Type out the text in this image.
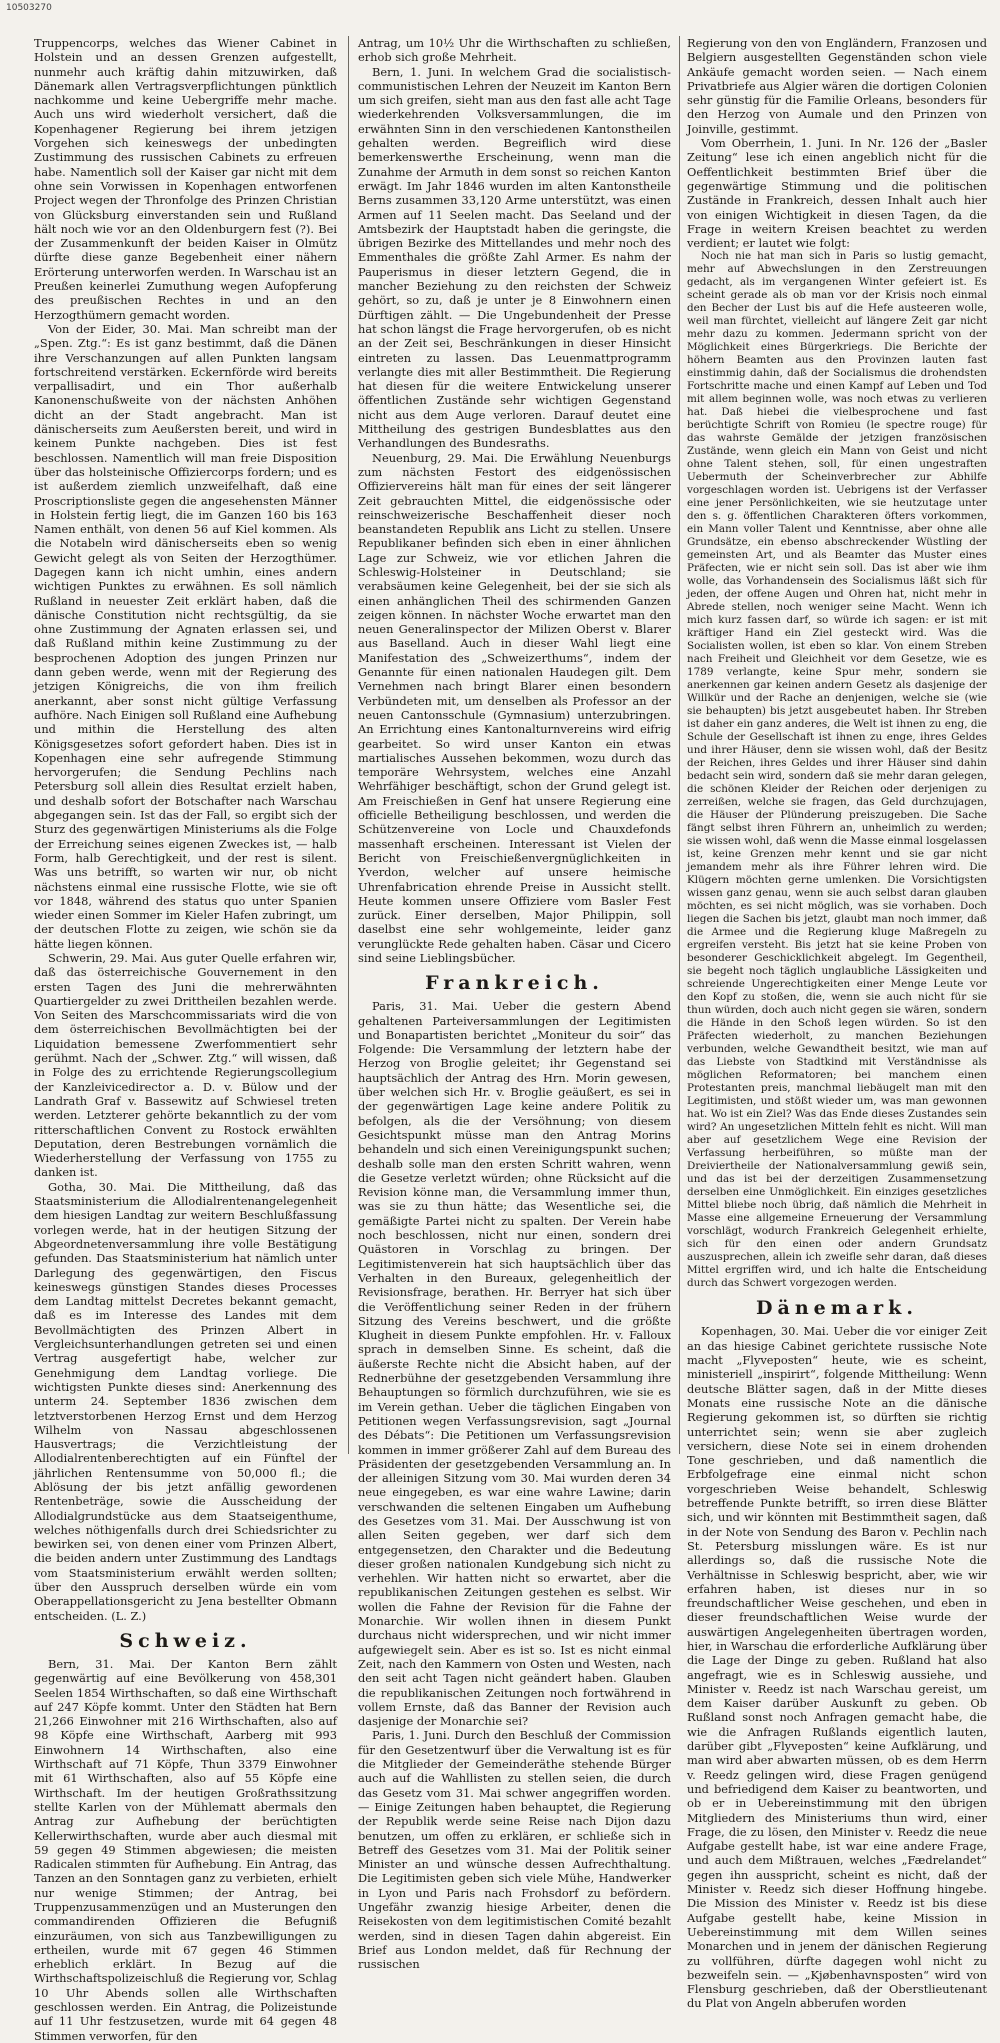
10503270

Truppencorps, welches das Wiener Cabinet in Holstein und an dessen Grenzen aufgestellt, nunmehr auch kräftig dahin mitzuwirken, daß Dänemark allen Vertragsverpflichtungen pünktlich nachkomme und keine Uebergriffe mehr mache. Auch uns wird wiederholt versichert, daß die Kopenhagener Regierung bei ihrem jetzigen Vorgehen sich keineswegs der unbedingten Zustimmung des russischen Cabinets zu erfreuen habe. Namentlich soll der Kaiser gar nicht mit dem ohne sein Vorwissen in Kopenhagen entworfenen Project wegen der Thronfolge des Prinzen Christian von Glücksburg einverstanden sein und Rußland hält noch wie vor an den Oldenburgern fest (?). Bei der Zusammenkunft der beiden Kaiser in Olmütz dürfte diese ganze Begebenheit einer nähern Erörterung unterworfen werden. In Warschau ist an Preußen keinerlei Zumuthung wegen Aufopferung des preußischen Rechtes in und an den Herzogthümern gemacht worden.

Von der Eider, 30. Mai. Man schreibt man der „Spen. Ztg.“: Es ist ganz bestimmt, daß die Dänen ihre Verschanzungen auf allen Punkten langsam fortschreitend verstärken. Eckernförde wird bereits verpallisadirt, und ein Thor außerhalb Kanonenschußweite von der nächsten Anhöhen dicht an der Stadt angebracht. Man ist dänischerseits zum Aeußersten bereit, und wird in keinem Punkte nachgeben. Dies ist fest beschlossen. Namentlich will man freie Disposition über das holsteinische Offiziercorps fordern; und es ist außerdem ziemlich unzweifelhaft, daß eine Proscriptionsliste gegen die angesehensten Männer in Holstein fertig liegt, die im Ganzen 160 bis 163 Namen enthält, von denen 56 auf Kiel kommen. Als die Notabeln wird dänischerseits eben so wenig Gewicht gelegt als von Seiten der Herzogthümer. Dagegen kann ich nicht umhin, eines andern wichtigen Punktes zu erwähnen. Es soll nämlich Rußland in neuester Zeit erklärt haben, daß die dänische Constitution nicht rechtsgültig, da sie ohne Zustimmung der Agnaten erlassen sei, und daß Rußland mithin keine Zustimmung zu der besprochenen Adoption des jungen Prinzen nur dann geben werde, wenn mit der Regierung des jetzigen Königreichs, die von ihm freilich anerkannt, aber sonst nicht gültige Verfassung aufhöre. Nach Einigen soll Rußland eine Aufhebung und mithin die Herstellung des alten Königsgesetzes sofort gefordert haben. Dies ist in Kopenhagen eine sehr aufregende Stimmung hervorgerufen; die Sendung Pechlins nach Petersburg soll allein dies Resultat erzielt haben, und deshalb sofort der Botschafter nach Warschau abgegangen sein. Ist das der Fall, so ergibt sich der Sturz des gegenwärtigen Ministeriums als die Folge der Erreichung seines eigenen Zweckes ist, — halb Form, halb Gerechtigkeit, und der rest is silent. Was uns betrifft, so warten wir nur, ob nicht nächstens einmal eine russische Flotte, wie sie oft vor 1848, während des status quo unter Spanien wieder einen Sommer im Kieler Hafen zubringt, um der deutschen Flotte zu zeigen, wie schön sie da hätte liegen können.

Schwerin, 29. Mai. Aus guter Quelle erfahren wir, daß das österreichische Gouvernement in den ersten Tagen des Juni die mehrerwähnten Quartiergelder zu zwei Drittheilen bezahlen werde. Von Seiten des Marschcommissariats wird die von dem österreichischen Bevollmächtigten bei der Liquidation bemessene Zwerfommentiert sehr gerühmt. Nach der „Schwer. Ztg.“ will wissen, daß in Folge des zu errichtende Regierungscollegium der Kanzleivicedirector a. D. v. Bülow und der Landrath Graf v. Bassewitz auf Schwiesel treten werden. Letzterer gehörte bekanntlich zu der vom ritterschaftlichen Convent zu Rostock erwählten Deputation, deren Bestrebungen vornämlich die Wiederherstellung der Verfassung von 1755 zu danken ist.

Gotha, 30. Mai. Die Mittheilung, daß das Staatsministerium die Allodialrentenangelegenheit dem hiesigen Landtag zur weitern Beschlußfassung vorlegen werde, hat in der heutigen Sitzung der Abgeordnetenversammlung ihre volle Bestätigung gefunden. Das Staatsministerium hat nämlich unter Darlegung des gegenwärtigen, den Fiscus keineswegs günstigen Standes dieses Processes dem Landtag mittelst Decretes bekannt gemacht, daß es im Interesse des Landes mit dem Bevollmächtigten des Prinzen Albert in Vergleichsunterhandlungen getreten sei und einen Vertrag ausgefertigt habe, welcher zur Genehmigung dem Landtag vorliege. Die wichtigsten Punkte dieses sind: Anerkennung des unterm 24. September 1836 zwischen dem letztverstorbenen Herzog Ernst und dem Herzog Wilhelm von Nassau abgeschlossenen Hausvertrags; die Verzichtleistung der Allodialrentenberechtigten auf ein Fünftel der jährlichen Rentensumme von 50,000 fl.; die Ablösung der bis jetzt anfällig gewordenen Rentenbeträge, sowie die Ausscheidung der Allodialgrundstücke aus dem Staatseigenthume, welches nöthigenfalls durch drei Schiedsrichter zu bewirken sei, von denen einer vom Prinzen Albert, die beiden andern unter Zustimmung des Landtags vom Staatsministerium erwählt werden sollten; über den Ausspruch derselben würde ein vom Oberappellationsgericht zu Jena bestellter Obmann entscheiden. (L. Z.)

Schweiz.

Bern, 31. Mai. Der Kanton Bern zählt gegenwärtig auf eine Bevölkerung von 458,301 Seelen 1854 Wirthschaften, so daß eine Wirthschaft auf 247 Köpfe kommt. Unter den Städten hat Bern 21,266 Einwohner mit 216 Wirthschaften, also auf 98 Köpfe eine Wirthschaft, Aarberg mit 993 Einwohnern 14 Wirthschaften, also eine Wirthschaft auf 71 Köpfe, Thun 3379 Einwohner mit 61 Wirthschaften, also auf 55 Köpfe eine Wirthschaft. Im der heutigen Großrathssitzung stellte Karlen von der Mühlematt abermals den Antrag zur Aufhebung der berüchtigten Kellerwirthschaften, wurde aber auch diesmal mit 59 gegen 49 Stimmen abgewiesen; die meisten Radicalen stimmten für Aufhebung. Ein Antrag, das Tanzen an den Sonntagen ganz zu verbieten, erhielt nur wenige Stimmen; der Antrag, bei Truppenzusammenzügen und an Musterungen den commandirenden Offizieren die Befugniß einzuräumen, von sich aus Tanzbewilligungen zu ertheilen, wurde mit 67 gegen 46 Stimmen erheblich erklärt. In Bezug auf die Wirthschaftspolizeischluß die Regierung vor, Schlag 10 Uhr Abends sollen alle Wirthschaften geschlossen werden. Ein Antrag, die Polizeistunde auf 11 Uhr festzusetzen, wurde mit 64 gegen 48 Stimmen verworfen, für den

Antrag, um 10½ Uhr die Wirthschaften zu schließen, erhob sich große Mehrheit.

Bern, 1. Juni. In welchem Grad die socialistisch-communistischen Lehren der Neuzeit im Kanton Bern um sich greifen, sieht man aus den fast alle acht Tage wiederkehrenden Volksversammlungen, die im erwähnten Sinn in den verschiedenen Kantonstheilen gehalten werden. Begreiflich wird diese bemerkenswerthe Erscheinung, wenn man die Zunahme der Armuth in dem sonst so reichen Kanton erwägt. Im Jahr 1846 wurden im alten Kantonstheile Berns zusammen 33,120 Arme unterstützt, was einen Armen auf 11 Seelen macht. Das Seeland und der Amtsbezirk der Hauptstadt haben die geringste, die übrigen Bezirke des Mittellandes und mehr noch des Emmenthales die größte Zahl Armer. Es nahm der Pauperismus in dieser letztern Gegend, die in mancher Beziehung zu den reichsten der Schweiz gehört, so zu, daß je unter je 8 Einwohnern einen Dürftigen zählt. — Die Ungebundenheit der Presse hat schon längst die Frage hervorgerufen, ob es nicht an der Zeit sei, Beschränkungen in dieser Hinsicht eintreten zu lassen. Das Leuenmattprogramm verlangte dies mit aller Bestimmtheit. Die Regierung hat diesen für die weitere Entwickelung unserer öffentlichen Zustände sehr wichtigen Gegenstand nicht aus dem Auge verloren. Darauf deutet eine Mittheilung des gestrigen Bundesblattes aus den Verhandlungen des Bundesraths.

Neuenburg, 29. Mai. Die Erwählung Neuenburgs zum nächsten Festort des eidgenössischen Offiziervereins hält man für eines der seit längerer Zeit gebrauchten Mittel, die eidgenössische oder reinschweizerische Beschaffenheit dieser noch beanstandeten Republik ans Licht zu stellen. Unsere Republikaner befinden sich eben in einer ähnlichen Lage zur Schweiz, wie vor etlichen Jahren die Schleswig-Holsteiner in Deutschland; sie verabsäumen keine Gelegenheit, bei der sie sich als einen anhänglichen Theil des schirmenden Ganzen zeigen können. In nächster Woche erwartet man den neuen Generalinspector der Milizen Oberst v. Blarer aus Baselland. Auch in dieser Wahl liegt eine Manifestation des „Schweizerthums“, indem der Genannte für einen nationalen Haudegen gilt. Dem Vernehmen nach bringt Blarer einen besondern Verbündeten mit, um denselben als Professor an der neuen Cantonsschule (Gymnasium) unterzubringen. An Errichtung eines Kantonalturnvereins wird eifrig gearbeitet. So wird unser Kanton ein etwas martialisches Aussehen bekommen, wozu durch das temporäre Wehrsystem, welches eine Anzahl Wehrfähiger beschäftigt, schon der Grund gelegt ist. Am Freischießen in Genf hat unsere Regierung eine officielle Betheiligung beschlossen, und werden die Schützenvereine von Locle und Chauxdefonds massenhaft erscheinen. Interessant ist Vielen der Bericht von Freischießenvergnüglichkeiten in Yverdon, welcher auf unsere heimische Uhrenfabrication ehrende Preise in Aussicht stellt. Heute kommen unsere Offiziere vom Basler Fest zurück. Einer derselben, Major Philippin, soll daselbst eine sehr wohlgemeinte, leider ganz verunglückte Rede gehalten haben. Cäsar und Cicero sind seine Lieblingsbücher.

Frankreich.

Paris, 31. Mai. Ueber die gestern Abend gehaltenen Parteiversammlungen der Legitimisten und Bonapartisten berichtet „Moniteur du soir“ das Folgende: Die Versammlung der letztern habe der Herzog von Broglie geleitet; ihr Gegenstand sei hauptsächlich der Antrag des Hrn. Morin gewesen, über welchen sich Hr. v. Broglie geäußert, es sei in der gegenwärtigen Lage keine andere Politik zu befolgen, als die der Versöhnung; von diesem Gesichtspunkt müsse man den Antrag Morins behandeln und sich einen Vereinigungspunkt suchen; deshalb solle man den ersten Schritt wahren, wenn die Gesetze verletzt würden; ohne Rücksicht auf die Revision könne man, die Versammlung immer thun, was sie zu thun hätte; das Wesentliche sei, die gemäßigte Partei nicht zu spalten. Der Verein habe noch beschlossen, nicht nur einen, sondern drei Quästoren in Vorschlag zu bringen. Der Legitimistenverein hat sich hauptsächlich über das Verhalten in den Bureaux, gelegenheitlich der Revisionsfrage, berathen. Hr. Berryer hat sich über die Veröffentlichung seiner Reden in der frühern Sitzung des Vereins beschwert, und die größte Klugheit in diesem Punkte empfohlen. Hr. v. Falloux sprach in demselben Sinne. Es scheint, daß die äußerste Rechte nicht die Absicht haben, auf der Rednerbühne der gesetzgebenden Versammlung ihre Behauptungen so förmlich durchzuführen, wie sie es im Verein gethan. Ueber die täglichen Eingaben von Petitionen wegen Verfassungsrevision, sagt „Journal des Débats“: Die Petitionen um Verfassungsrevision kommen in immer größerer Zahl auf dem Bureau des Präsidenten der gesetzgebenden Versammlung an. In der alleinigen Sitzung vom 30. Mai wurden deren 34 neue eingegeben, es war eine wahre Lawine; darin verschwanden die seltenen Eingaben um Aufhebung des Gesetzes vom 31. Mai. Der Ausschwung ist von allen Seiten gegeben, wer darf sich dem entgegensetzen, den Charakter und die Bedeutung dieser großen nationalen Kundgebung sich nicht zu verhehlen. Wir hatten nicht so erwartet, aber die republikanischen Zeitungen gestehen es selbst. Wir wollen die Fahne der Revision für die Fahne der Monarchie. Wir wollen ihnen in diesem Punkt durchaus nicht widersprechen, und wir nicht immer aufgewiegelt sein. Aber es ist so. Ist es nicht einmal Zeit, nach den Kammern von Osten und Westen, nach den seit acht Tagen nicht geändert haben. Glauben die republikanischen Zeitungen noch fortwährend in vollem Ernste, daß das Banner der Revision auch dasjenige der Monarchie sei?

Paris, 1. Juni. Durch den Beschluß der Commission für den Gesetzentwurf über die Verwaltung ist es für die Mitglieder der Gemeinderäthe stehende Bürger auch auf die Wahllisten zu stellen seien, die durch das Gesetz vom 31. Mai schwer angegriffen worden. — Einige Zeitungen haben behauptet, die Regierung der Republik werde seine Reise nach Dijon dazu benutzen, um offen zu erklären, er schließe sich in Betreff des Gesetzes vom 31. Mai der Politik seiner Minister an und wünsche dessen Aufrechthaltung. Die Legitimisten geben sich viele Mühe, Handwerker in Lyon und Paris nach Frohsdorf zu befördern. Ungefähr zwanzig hiesige Arbeiter, denen die Reisekosten von dem legitimistischen Comité bezahlt werden, sind in diesen Tagen dahin abgereist. Ein Brief aus London meldet, daß für Rechnung der russischen

Regierung von den von Engländern, Franzosen und Belgiern ausgestellten Gegenständen schon viele Ankäufe gemacht worden seien. — Nach einem Privatbriefe aus Algier wären die dortigen Colonien sehr günstig für die Familie Orleans, besonders für den Herzog von Aumale und den Prinzen von Joinville, gestimmt.

Vom Oberrhein, 1. Juni. In Nr. 126 der „Basler Zeitung“ lese ich einen angeblich nicht für die Oeffentlichkeit bestimmten Brief über die gegenwärtige Stimmung und die politischen Zustände in Frankreich, dessen Inhalt auch hier von einigen Wichtigkeit in diesen Tagen, da die Frage in weitern Kreisen beachtet zu werden verdient; er lautet wie folgt:

Noch nie hat man sich in Paris so lustig gemacht, mehr auf Abwechslungen in den Zerstreuungen gedacht, als im vergangenen Winter gefeiert ist. Es scheint gerade als ob man vor der Krisis noch einmal den Becher der Lust bis auf die Hefe austeeren wolle, weil man fürchtet, vielleicht auf längere Zeit gar nicht mehr dazu zu kommen. Jedermann spricht von der Möglichkeit eines Bürgerkriegs. Die Berichte der höhern Beamten aus den Provinzen lauten fast einstimmig dahin, daß der Socialismus die drohendsten Fortschritte mache und einen Kampf auf Leben und Tod mit allem beginnen wolle, was noch etwas zu verlieren hat. Daß hiebei die vielbesprochene und fast berüchtigte Schrift von Romieu (le spectre rouge) für das wahrste Gemälde der jetzigen französischen Zustände, wenn gleich ein Mann von Geist und nicht ohne Talent stehen, soll, für einen ungestraften Uebermuth der Scheinverbrecher zur Abhilfe vorgeschlagen worden ist. Uebrigens ist der Verfasser eine jener Persönlichkeiten, wie sie heutzutage unter den s. g. öffentlichen Charakteren öfters vorkommen, ein Mann voller Talent und Kenntnisse, aber ohne alle Grundsätze, ein ebenso abschreckender Wüstling der gemeinsten Art, und als Beamter das Muster eines Präfecten, wie er nicht sein soll. Das ist aber wie ihm wolle, das Vorhandensein des Socialismus läßt sich für jeden, der offene Augen und Ohren hat, nicht mehr in Abrede stellen, noch weniger seine Macht. Wenn ich mich kurz fassen darf, so würde ich sagen: er ist mit kräftiger Hand ein Ziel gesteckt wird. Was die Socialisten wollen, ist eben so klar. Von einem Streben nach Freiheit und Gleichheit vor dem Gesetze, wie es 1789 verlangte, keine Spur mehr, sondern sie anerkennen gar keinen andern Gesetz als dasjenige der Willkür und der Rache an denjenigen, welche sie (wie sie behaupten) bis jetzt ausgebeutet haben. Ihr Streben ist daher ein ganz anderes, die Welt ist ihnen zu eng, die Schule der Gesellschaft ist ihnen zu enge, ihres Geldes und ihrer Häuser, denn sie wissen wohl, daß der Besitz der Reichen, ihres Geldes und ihrer Häuser sind dahin bedacht sein wird, sondern daß sie mehr daran gelegen, die schönen Kleider der Reichen oder derjenigen zu zerreißen, welche sie fragen, das Geld durchzujagen, die Häuser der Plünderung preiszugeben. Die Sache fängt selbst ihren Führern an, unheimlich zu werden; sie wissen wohl, daß wenn die Masse einmal losgelassen ist, keine Grenzen mehr kennt und sie gar nicht jemandem mehr als ihre Führer lehren wird. Die Klügern möchten gerne umlenken. Die Vorsichtigsten wissen ganz genau, wenn sie auch selbst daran glauben möchten, es sei nicht möglich, was sie vorhaben. Doch liegen die Sachen bis jetzt, glaubt man noch immer, daß die Armee und die Regierung kluge Maßregeln zu ergreifen versteht. Bis jetzt hat sie keine Proben von besonderer Geschicklichkeit abgelegt. Im Gegentheil, sie begeht noch täglich unglaubliche Lässigkeiten und schreiende Ungerechtigkeiten einer Menge Leute vor den Kopf zu stoßen, die, wenn sie auch nicht für sie thun würden, doch auch nicht gegen sie wären, sondern die Hände in den Schoß legen würden. So ist den Präfecten wiederholt, zu manchen Beziehungen verbunden, welche Gewandtheit besitzt, wie man auf das Liebste von Stadtkind mit Verständnisse als möglichen Reformatoren; bei manchem einen Protestanten preis, manchmal liebäugelt man mit den Legitimisten, und stößt wieder um, was man gewonnen hat. Wo ist ein Ziel? Was das Ende dieses Zustandes sein wird? An ungesetzlichen Mitteln fehlt es nicht. Will man aber auf gesetzlichem Wege eine Revision der Verfassung herbeiführen, so müßte man der Dreiviertheile der Nationalversammlung gewiß sein, und das ist bei der derzeitigen Zusammensetzung derselben eine Unmöglichkeit. Ein einziges gesetzliches Mittel bliebe noch übrig, daß nämlich die Mehrheit in Masse eine allgemeine Erneuerung der Versammlung vorschlägt, wodurch Frankreich Gelegenheit erhielte, sich für den einen oder andern Grundsatz auszusprechen, allein ich zweifle sehr daran, daß dieses Mittel ergriffen wird, und ich halte die Entscheidung durch das Schwert vorgezogen werden.

Dänemark.

Kopenhagen, 30. Mai. Ueber die vor einiger Zeit an das hiesige Cabinet gerichtete russische Note macht „Flyveposten“ heute, wie es scheint, ministeriell „inspirirt“, folgende Mittheilung: Wenn deutsche Blätter sagen, daß in der Mitte dieses Monats eine russische Note an die dänische Regierung gekommen ist, so dürften sie richtig unterrichtet sein; wenn sie aber zugleich versichern, diese Note sei in einem drohenden Tone geschrieben, und daß namentlich die Erbfolgefrage eine einmal nicht schon vorgeschrieben Weise behandelt, Schleswig betreffende Punkte betrifft, so irren diese Blätter sich, und wir könnten mit Bestimmtheit sagen, daß in der Note von Sendung des Baron v. Pechlin nach St. Petersburg misslungen wäre. Es ist nur allerdings so, daß die russische Note die Verhältnisse in Schleswig bespricht, aber, wie wir erfahren haben, ist dieses nur in so freundschaftlicher Weise geschehen, und eben in dieser freundschaftlichen Weise wurde der auswärtigen Angelegenheiten übertragen worden, hier, in Warschau die erforderliche Aufklärung über die Lage der Dinge zu geben. Rußland hat also angefragt, wie es in Schleswig aussiehe, und Minister v. Reedz ist nach Warschau gereist, um dem Kaiser darüber Auskunft zu geben. Ob Rußland sonst noch Anfragen gemacht habe, die wie die Anfragen Rußlands eigentlich lauten, darüber gibt „Flyveposten“ keine Aufklärung, und man wird aber abwarten müssen, ob es dem Herrn v. Reedz gelingen wird, diese Fragen genügend und befriedigend dem Kaiser zu beantworten, und ob er in Uebereinstimmung mit den übrigen Mitgliedern des Ministeriums thun wird, einer Frage, die zu lösen, den Minister v. Reedz die neue Aufgabe gestellt habe, ist war eine andere Frage, und auch dem Mißtrauen, welches „Fædrelandet“ gegen ihn ausspricht, scheint es nicht, daß der Minister v. Reedz sich dieser Hoffnung hingebe. Die Mission des Minister v. Reedz ist bis diese Aufgabe gestellt habe, keine Mission in Uebereinstimmung mit dem Willen seines Monarchen und in jenem der dänischen Regierung zu vollführen, dürfte dagegen wohl nicht zu bezweifeln sein. — „Kjøbenhavnsposten“ wird von Flensburg geschrieben, daß der Oberstlieutenant du Plat von Angeln abberufen worden
